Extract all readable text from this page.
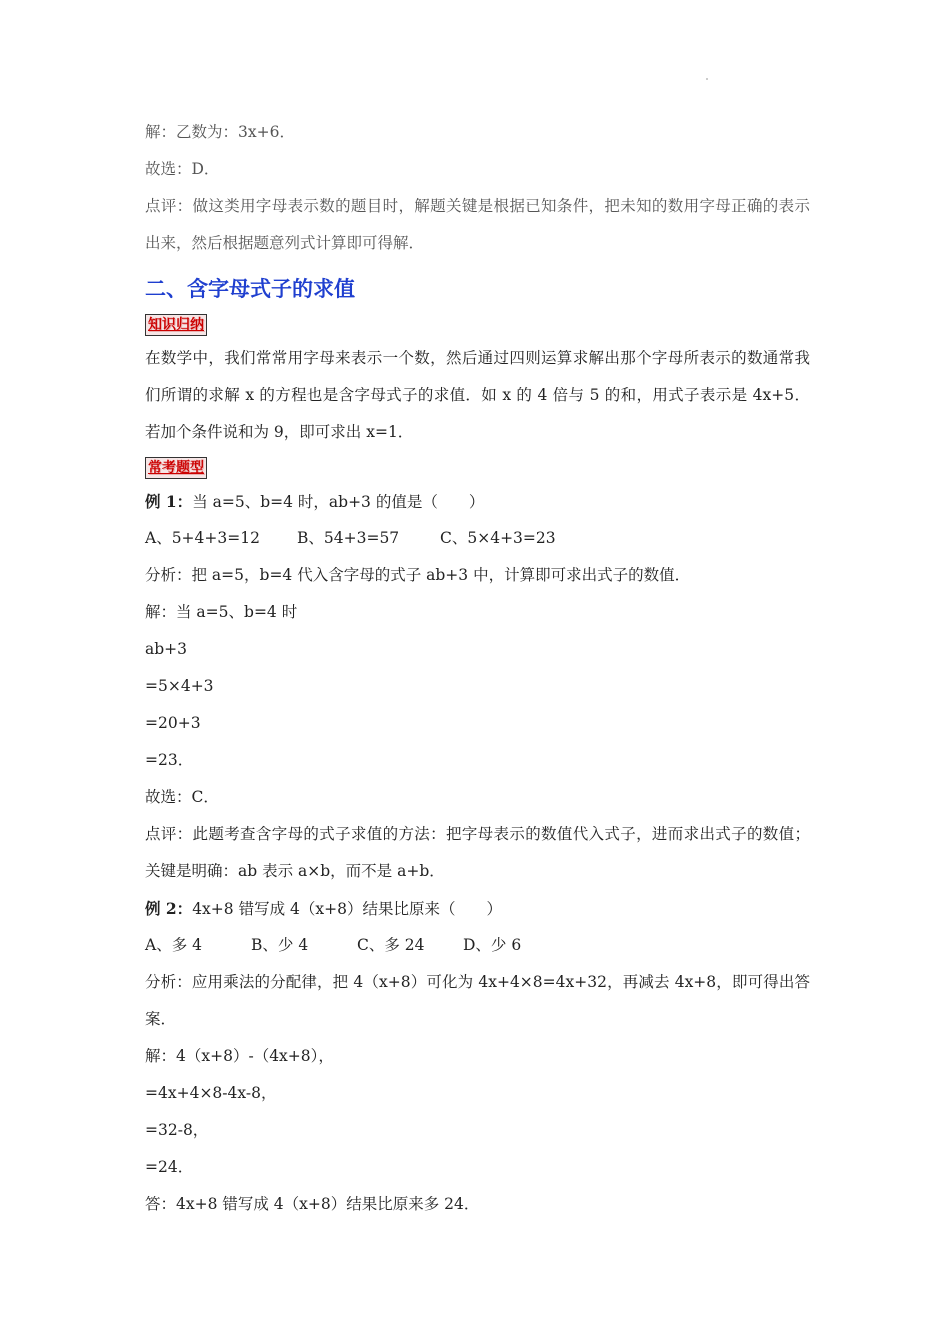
解：乙数为：3x+6．
故选：D．
点评：做这类用字母表示数的题目时，解题关键是根据已知条件，把未知的数用字母正确的表示出来，然后根据题意列式计算即可得解．
二、含字母式子的求值
知识归纳
在数学中，我们常常用字母来表示一个数，然后通过四则运算求解出那个字母所表示的数通常我们所谓的求解 x 的方程也是含字母式子的求值．如 x 的 4 倍与 5 的和，用式子表示是 4x+5．若加个条件说和为 9，即可求出 x=1．
常考题型
例 1：当 a=5、b=4 时，ab+3 的值是（　　）
A、5+4+3=12 B、54+3=57	C、5×4+3=23
分析：把 a=5，b=4 代入含字母的式子 ab+3 中，计算即可求出式子的数值．
解：当 a=5、b=4 时
ab+3
=5×4+3
=20+3
=23．
故选：C．
点评：此题考查含字母的式子求值的方法：把字母表示的数值代入式子，进而求出式子的数值；关键是明确：ab 表示 a×b，而不是 a+b．
例 2：4x+8 错写成 4（x+8）结果比原来（　　）
A、多 4	B、少 4	C、多 24 D、少 6
分析：应用乘法的分配律，把 4（x+8）可化为 4x+4×8=4x+32，再减去 4x+8，即可得出答案．
解：4（x+8）-（4x+8），
=4x+4×8-4x-8，
=32-8，
=24．
答：4x+8 错写成 4（x+8）结果比原来多 24．
